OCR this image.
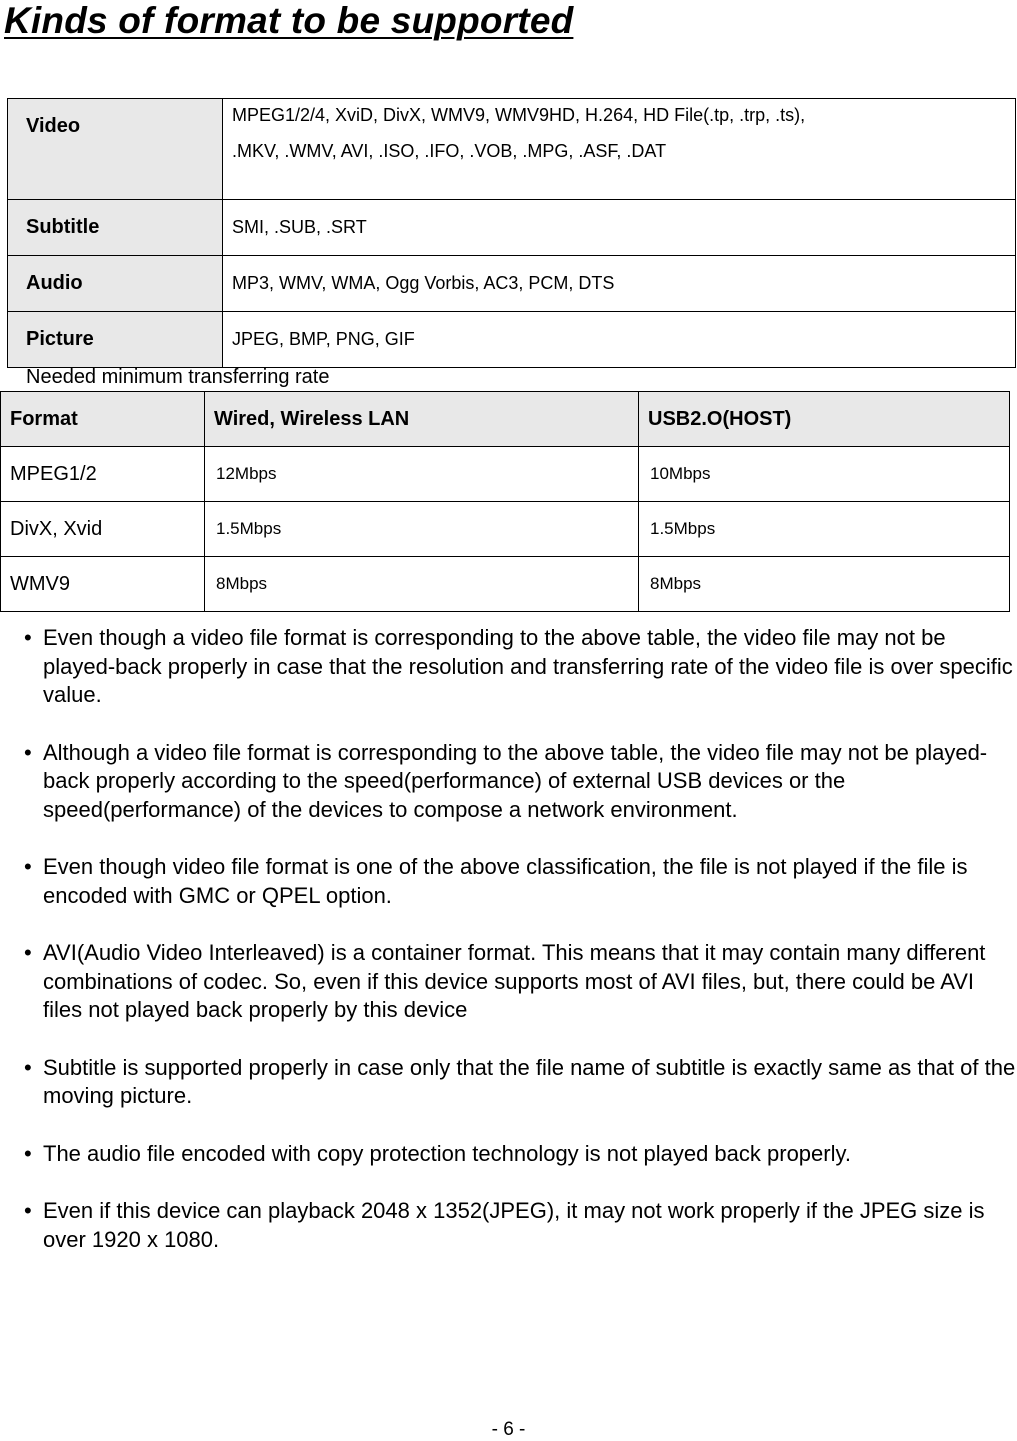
Kinds of format to be supported
Video	MPEG1/2/4, XviD, DivX, WMV9, WMV9HD, H.264, HD File(.tp, .trp, .ts),
.MKV, .WMV, AVI, .ISO, .IFO, .VOB, .MPG, .ASF, .DAT

Subtitle	SMI, .SUB, .SRT
Audio	MP3, WMV, WMA, Ogg Vorbis, AC3, PCM, DTS
Picture	JPEG, BMP, PNG, GIF
Needed minimum transferring rate
Format	Wired, Wireless LAN	USB2.O(HOST)
MPEG1/2	12Mbps	10Mbps
DivX, Xvid	1.5Mbps	1.5Mbps
WMV9	8Mbps	8Mbps
• Even though a video file format is corresponding to the above table, the video file may not be played-back properly in case that the resolution and transferring rate of the video file is over specific value.
• Although a video file format is corresponding to the above table, the video file may not be played-back properly according to the speed(performance) of external USB devices or the speed(performance) of the devices to compose a network environment.
• Even though video file format is one of the above classification, the file is not played if the file is encoded with GMC or QPEL option.
• AVI(Audio Video Interleaved) is a container format. This means that it may contain many different combinations of codec. So, even if this device supports most of AVI files, but, there could be AVI files not played back properly by this device
• Subtitle is supported properly in case only that the file name of subtitle is exactly same as that of the moving picture.
• The audio file encoded with copy protection technology is not played back properly.
• Even if this device can playback 2048 x 1352(JPEG), it may not work properly if the JPEG size is over 1920 x 1080.
- 6 -
